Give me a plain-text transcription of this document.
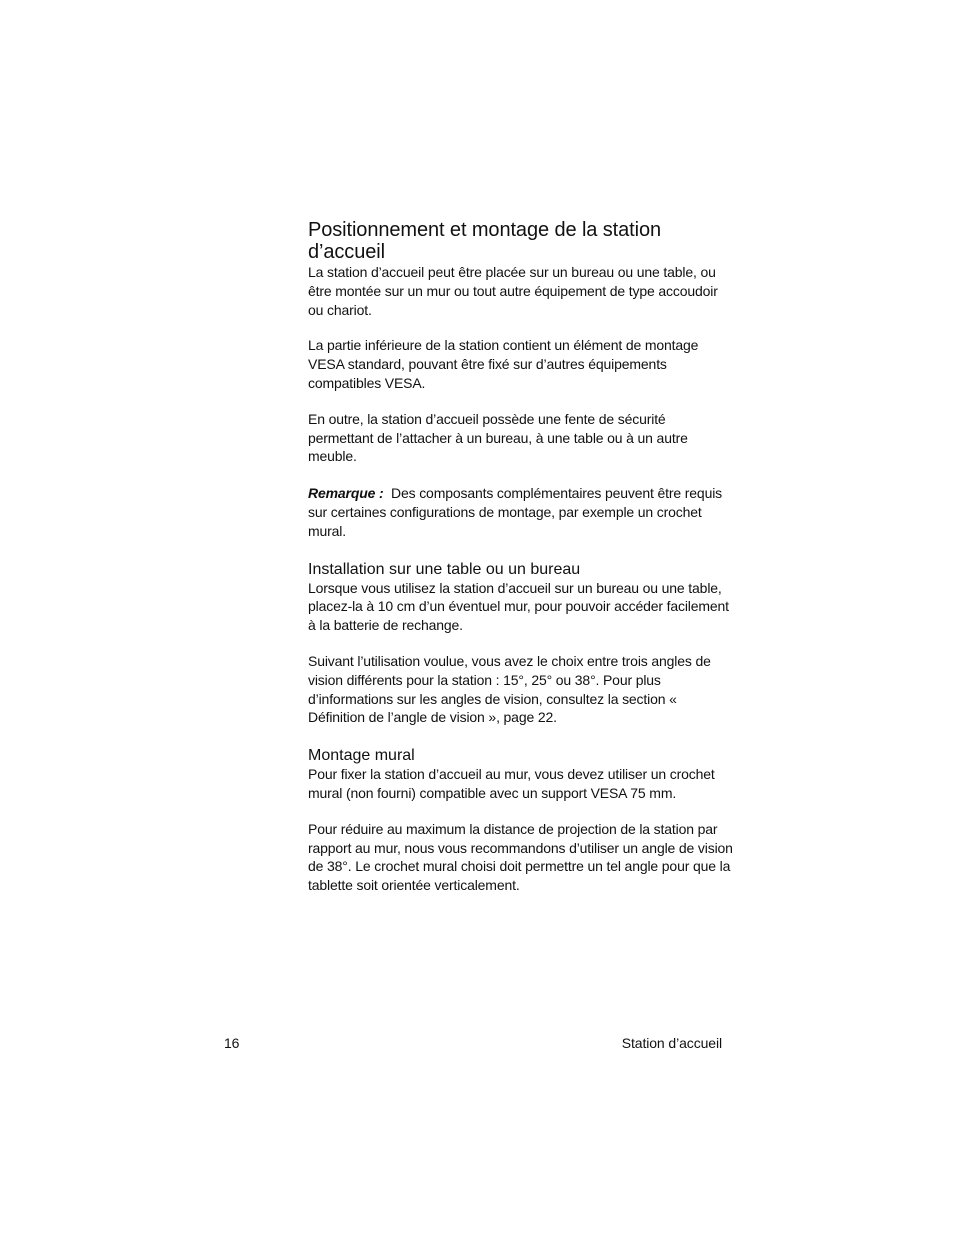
Positionnement et montage de la station d’accueil

La station d’accueil peut être placée sur un bureau ou une table, ou être montée sur un mur ou tout autre équipement de type accoudoir ou chariot.

La partie inférieure de la station contient un élément de montage VESA standard, pouvant être fixé sur d’autres équipements compatibles VESA.

En outre, la station d’accueil possède une fente de sécurité permettant de l’attacher à un bureau, à une table ou à un autre meuble.

Remarque : Des composants complémentaires peuvent être requis sur certaines configurations de montage, par exemple un crochet mural.

Installation sur une table ou un bureau

Lorsque vous utilisez la station d’accueil sur un bureau ou une table, placez-la à 10 cm d’un éventuel mur, pour pouvoir accéder facilement à la batterie de rechange.

Suivant l’utilisation voulue, vous avez le choix entre trois angles de vision différents pour la station : 15°, 25° ou 38°. Pour plus d’informations sur les angles de vision, consultez la section « Définition de l’angle de vision », page 22.

Montage mural

Pour fixer la station d’accueil au mur, vous devez utiliser un crochet mural (non fourni) compatible avec un support VESA 75 mm.

Pour réduire au maximum la distance de projection de la station par rapport au mur, nous vous recommandons d’utiliser un angle de vision de 38°. Le crochet mural choisi doit permettre un tel angle pour que la tablette soit orientée verticalement.

16	Station d’accueil
